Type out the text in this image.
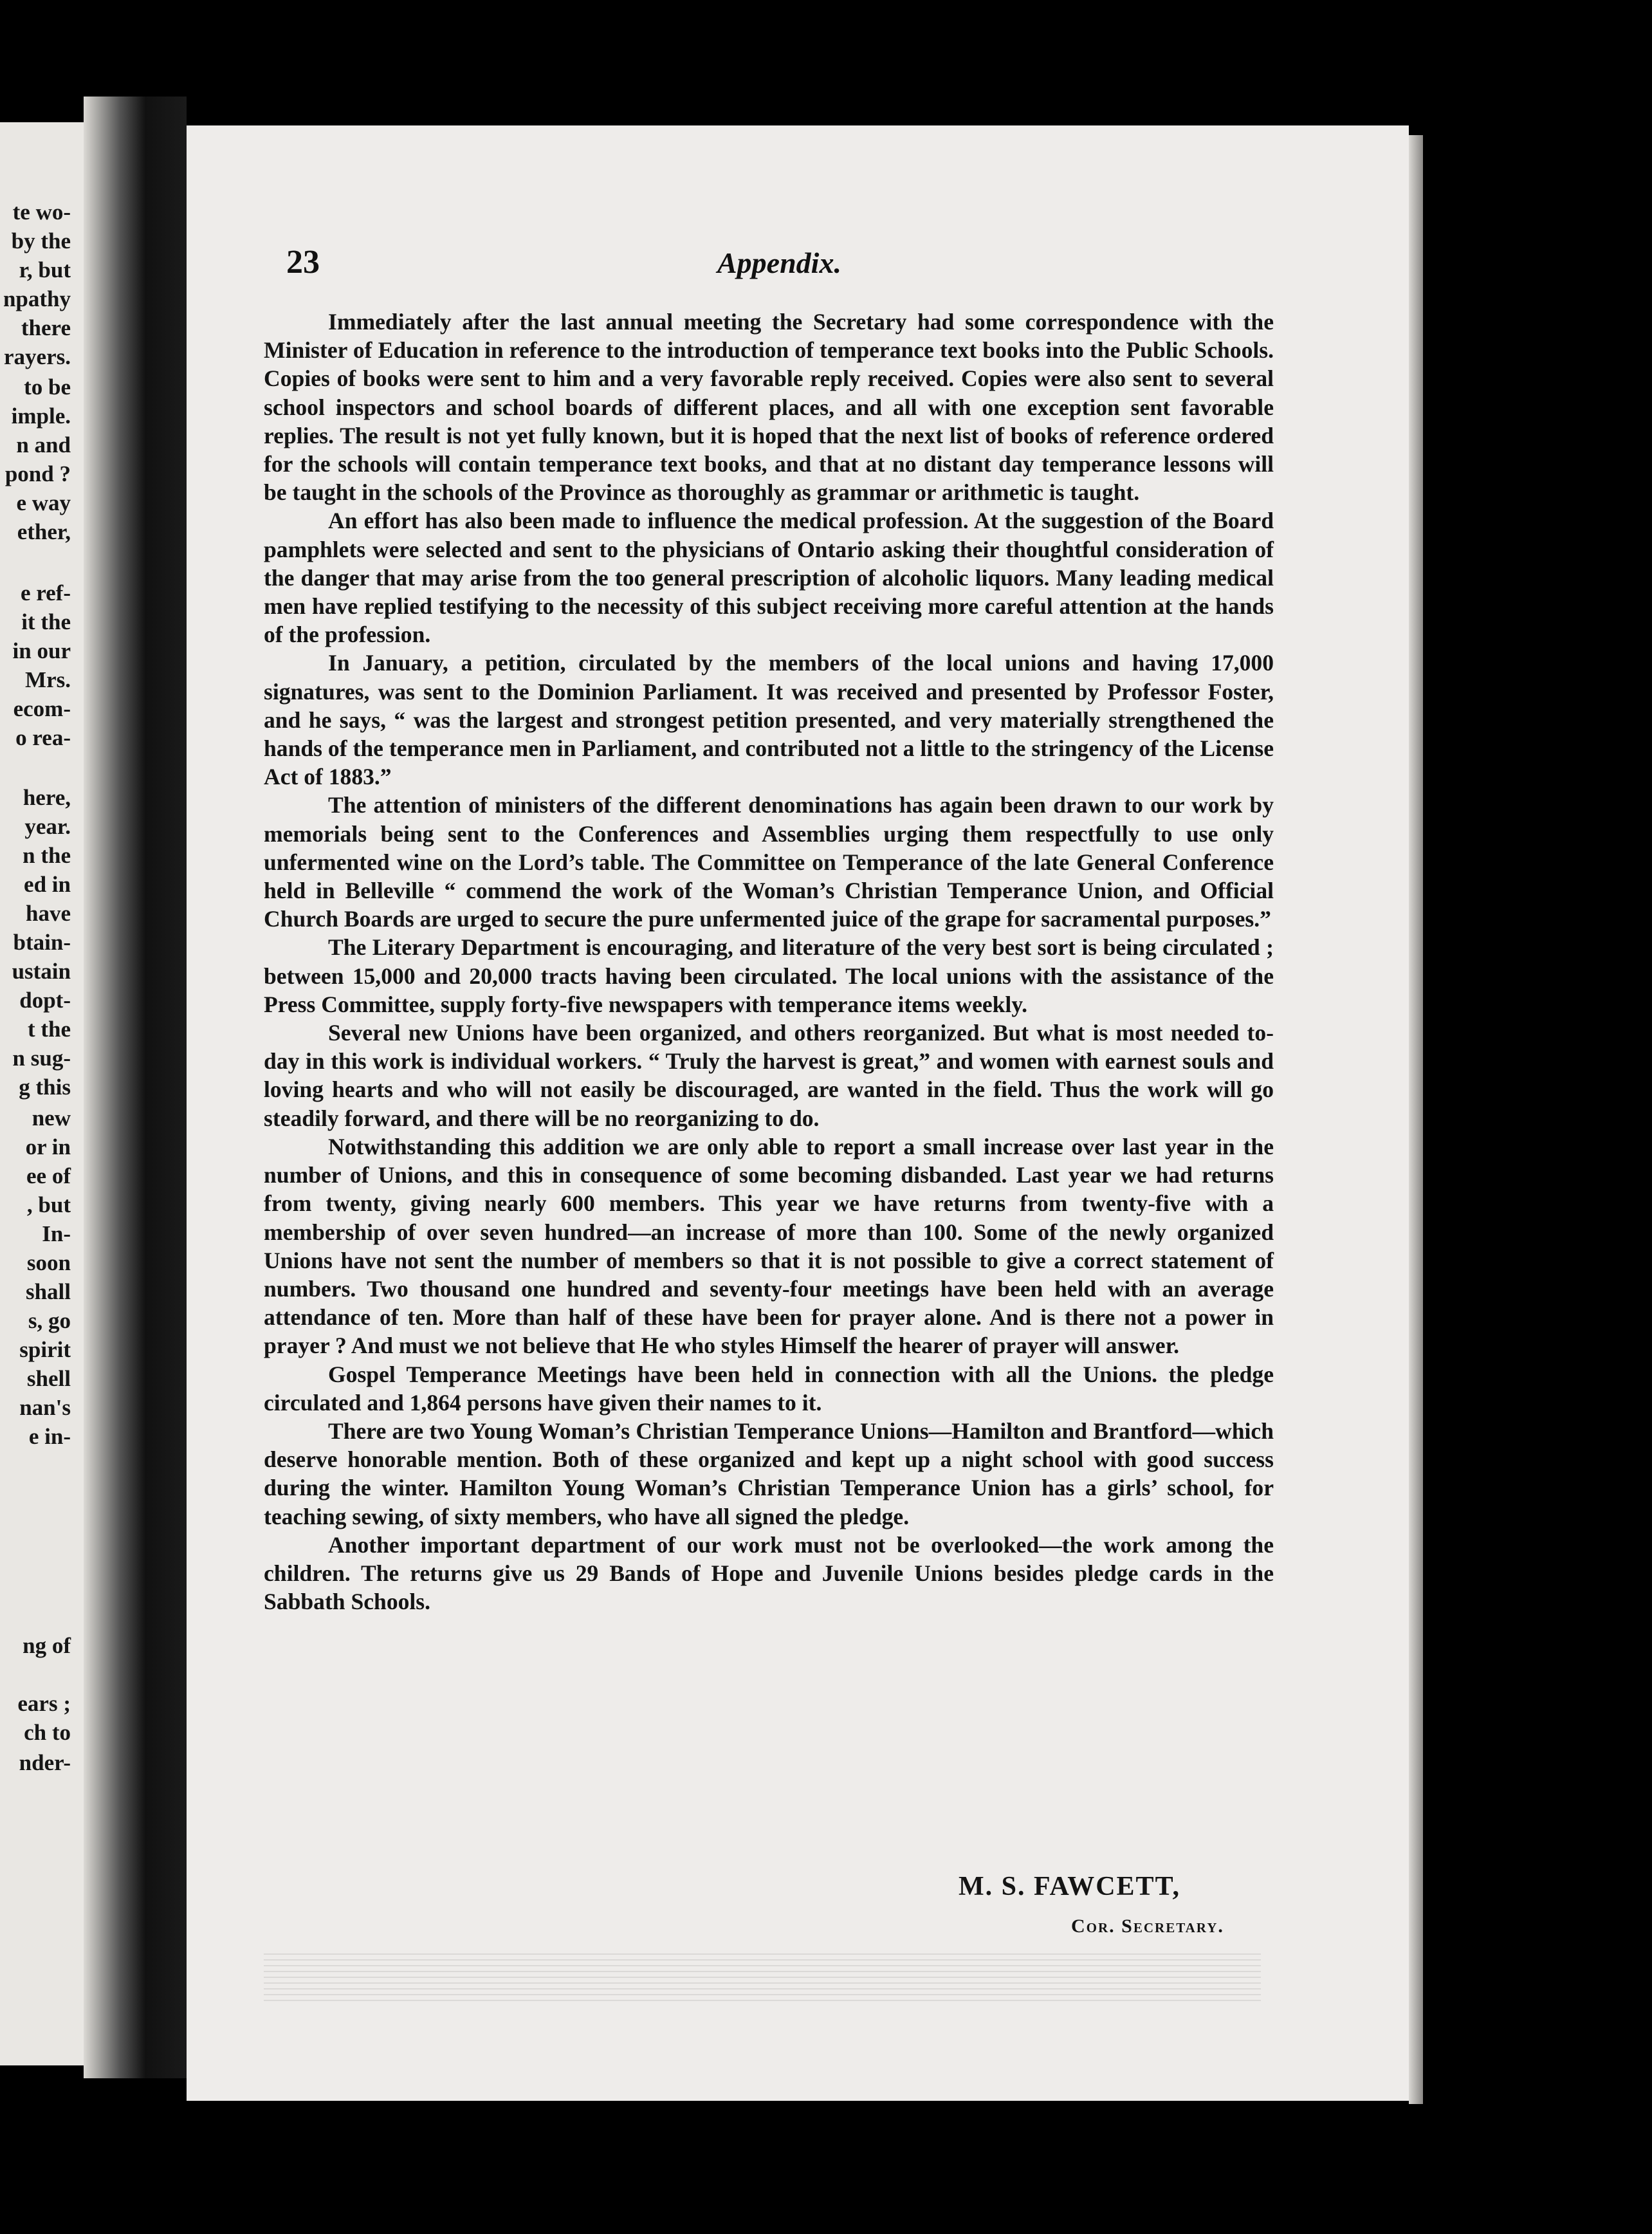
te wo-
by the
r, but
npathy
there
rayers.
to be
imple.
n and
pond ?
e way
ether,
e ref-
it the
in our
Mrs.
ecom-
o rea-
here,
year.
n the
ed in
have
btain-
ustain
dopt-
t the
n sug-
g this
new
or in
ee of
, but
In-
soon
shall
s, go
spirit
shell
nan's
e in-
ng of
ears ;
ch to
nder-
23	Appendix.

Immediately after the last annual meeting the Secretary had some correspondence with the Minister of Education in reference to the introduction of temperance text books into the Public Schools. Copies of books were sent to him and a very favorable reply received. Copies were also sent to several school inspectors and school boards of different places, and all with one exception sent favorable replies. The result is not yet fully known, but it is hoped that the next list of books of reference ordered for the schools will contain temperance text books, and that at no distant day temperance lessons will be taught in the schools of the Province as thoroughly as grammar or arithmetic is taught.

An effort has also been made to influence the medical profession. At the suggestion of the Board pamphlets were selected and sent to the physicians of Ontario asking their thoughtful consideration of the danger that may arise from the too general prescription of alcoholic liquors. Many leading medical men have replied testifying to the necessity of this subject receiving more careful attention at the hands of the profession.

In January, a petition, circulated by the members of the local unions and having 17,000 signatures, was sent to the Dominion Parliament. It was received and presented by Professor Foster, and he says, “ was the largest and strongest petition presented, and very materially strengthened the hands of the temperance men in Parliament, and contributed not a little to the stringency of the License Act of 1883.”

The attention of ministers of the different denominations has again been drawn to our work by memorials being sent to the Conferences and Assemblies urging them respectfully to use only unfermented wine on the Lord’s table. The Committee on Temperance of the late General Conference held in Belleville “ commend the work of the Woman’s Christian Temperance Union, and Official Church Boards are urged to secure the pure unfermented juice of the grape for sacramental purposes.”

The Literary Department is encouraging, and literature of the very best sort is being circulated ; between 15,000 and 20,000 tracts having been circulated. The local unions with the assistance of the Press Committee, supply forty-five newspapers with temperance items weekly.

Several new Unions have been organized, and others reorganized. But what is most needed to-day in this work is individual workers. “ Truly the harvest is great,” and women with earnest souls and loving hearts and who will not easily be discouraged, are wanted in the field. Thus the work will go steadily forward, and there will be no reorganizing to do.

Notwithstanding this addition we are only able to report a small increase over last year in the number of Unions, and this in consequence of some becoming disbanded. Last year we had returns from twenty, giving nearly 600 members. This year we have returns from twenty-five with a membership of over seven hundred—an increase of more than 100. Some of the newly organized Unions have not sent the number of members so that it is not possible to give a correct statement of numbers. Two thousand one hundred and seventy-four meetings have been held with an average attendance of ten. More than half of these have been for prayer alone. And is there not a power in prayer ? And must we not believe that He who styles Himself the hearer of prayer will answer.

Gospel Temperance Meetings have been held in connection with all the Unions. the pledge circulated and 1,864 persons have given their names to it.

There are two Young Woman’s Christian Temperance Unions—Hamilton and Brantford—which deserve honorable mention. Both of these organized and kept up a night school with good success during the winter. Hamilton Young Woman’s Christian Temperance Union has a girls’ school, for teaching sewing, of sixty members, who have all signed the pledge.

Another important department of our work must not be overlooked—the work among the children. The returns give us 29 Bands of Hope and Juvenile Unions besides pledge cards in the Sabbath Schools.

M. S. FAWCETT,
Cor. Secretary.
